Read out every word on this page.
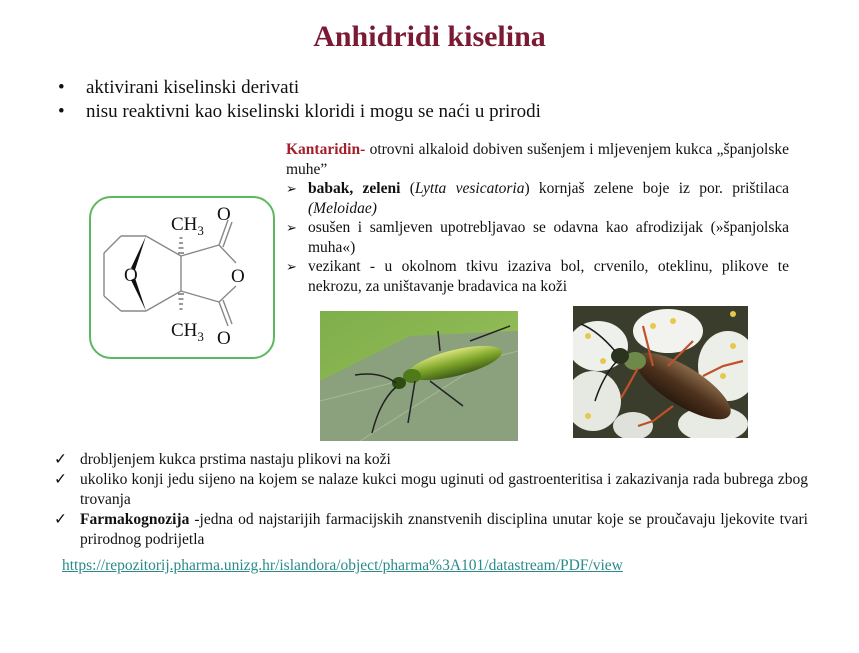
Anhidridi kiselina
•	aktivirani kiselinski derivati
•	nisu reaktivni kao kiselinski kloridi i mogu se naći u prirodi
Kantaridin- otrovni alkaloid dobiven sušenjem i mljevenjem kukca „španjolske muhe”
➢ babak, zeleni (Lytta vesicatoria) kornjaš zelene boje iz por. prištilaca (Meloidae)
➢ osušen i samljeven upotrebljavao se odavna kao afrodizijak (»španjolska muha«)
➢ vezikant - u okolnom tkivu izaziva bol, crvenilo, oteklinu, plikove te nekrozu, za uništavanje bradavica na koži
$CH_3$
O
O	O
$CH_3$ O
✓ drobljenjem kukca prstima nastaju plikovi na koži
✓ ukoliko konji jedu sijeno na kojem se nalaze kukci mogu uginuti od gastroenteritisa i zakazivanja rada bubrega zbog trovanja
✓ Farmakognozija -jedna od najstarijih farmacijskih znanstvenih disciplina unutar koje se proučavaju ljekovite tvari prirodnog podrijetla
https://repozitorij.pharma.unizg.hr/islandora/object/pharma%3A101/datastream/PDF/view
